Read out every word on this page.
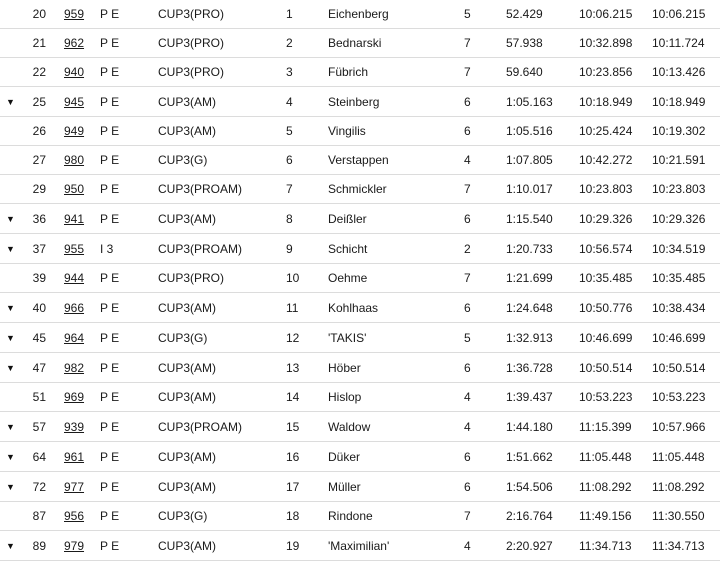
	20		959	P E	CUP3(PRO)	1	Eichenberg	5	52.429	10:06.215	10:06.215
	21		962	P E	CUP3(PRO)	2	Bednarski	7	57.938	10:32.898	10:11.724
	22		940	P E	CUP3(PRO)	3	Fübrich	7	59.640	10:23.856	10:13.426
▼	25		945	P E	CUP3(AM)	4	Steinberg	6	1:05.163	10:18.949	10:18.949
	26		949	P E	CUP3(AM)	5	Vingilis	6	1:05.516	10:25.424	10:19.302
	27		980	P E	CUP3(G)	6	Verstappen	4	1:07.805	10:42.272	10:21.591
	29		950	P E	CUP3(PROAM)	7	Schmickler	7	1:10.017	10:23.803	10:23.803
▼	36		941	P E	CUP3(AM)	8	Deißler	6	1:15.540	10:29.326	10:29.326
▼	37		955	I 3	CUP3(PROAM)	9	Schicht	2	1:20.733	10:56.574	10:34.519
	39		944	P E	CUP3(PRO)	10	Oehme	7	1:21.699	10:35.485	10:35.485
▼	40		966	P E	CUP3(AM)	11	Kohlhaas	6	1:24.648	10:50.776	10:38.434
▼	45		964	P E	CUP3(G)	12	'TAKIS'	5	1:32.913	10:46.699	10:46.699
▼	47		982	P E	CUP3(AM)	13	Höber	6	1:36.728	10:50.514	10:50.514
	51		969	P E	CUP3(AM)	14	Hislop	4	1:39.437	10:53.223	10:53.223
▼	57		939	P E	CUP3(PROAM)	15	Waldow	4	1:44.180	11:15.399	10:57.966
▼	64		961	P E	CUP3(AM)	16	Düker	6	1:51.662	11:05.448	11:05.448
▼	72		977	P E	CUP3(AM)	17	Müller	6	1:54.506	11:08.292	11:08.292
	87		956	P E	CUP3(G)	18	Rindone	7	2:16.764	11:49.156	11:30.550
▼	89		979	P E	CUP3(AM)	19	'Maximilian'	4	2:20.927	11:34.713	11:34.713
